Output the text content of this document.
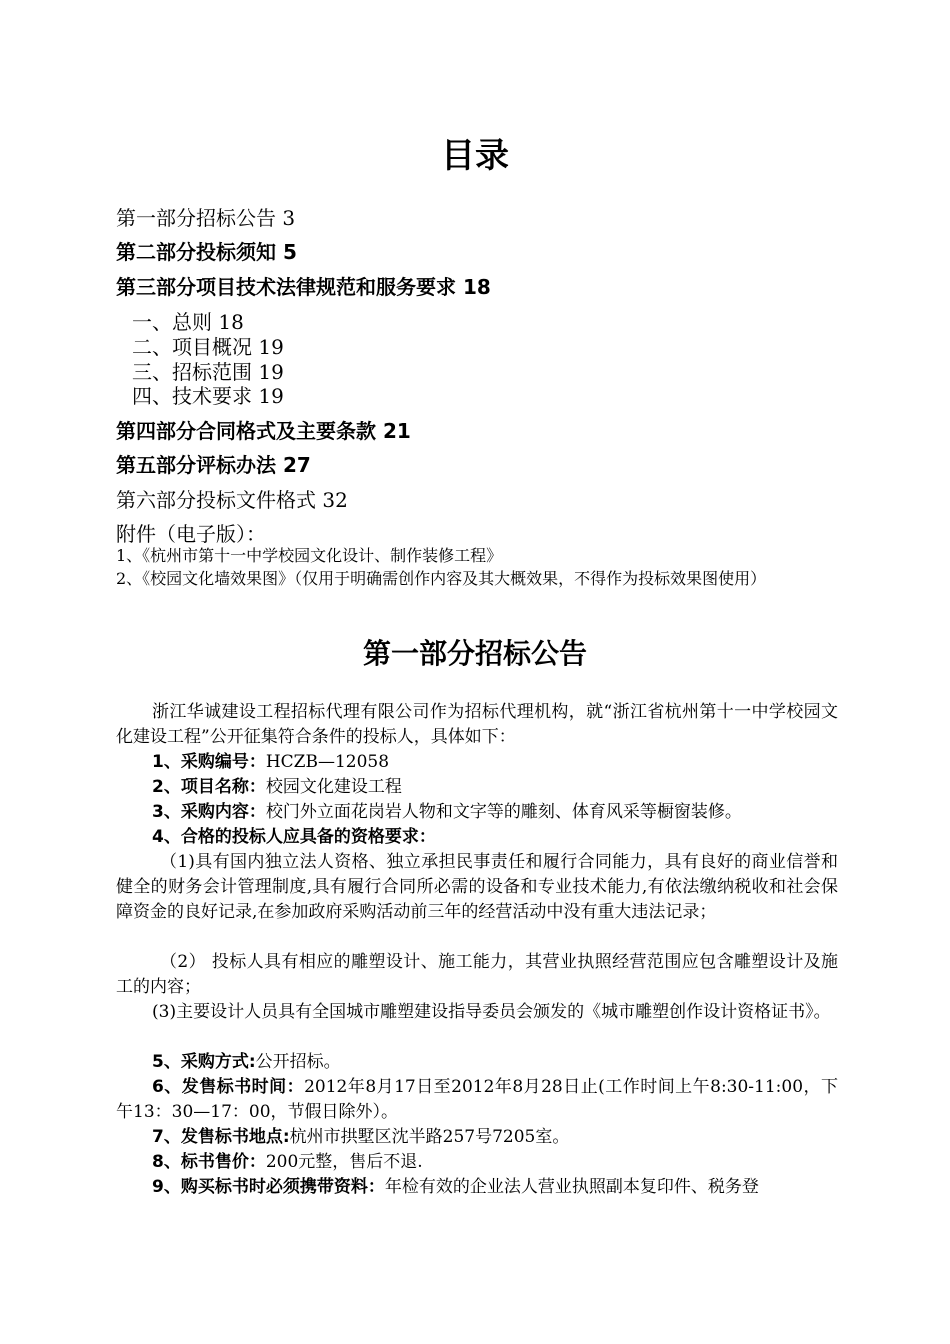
目录
第一部分招标公告 3
第二部分投标须知 5
第三部分项目技术法律规范和服务要求 18
一、总则 18
二、项目概况 19
三、招标范围 19
四、技术要求 19
第四部分合同格式及主要条款 21
第五部分评标办法 27
第六部分投标文件格式 32
附件（电子版）：
1、《杭州市第十一中学校园文化设计、制作装修工程》
2、《校园文化墙效果图》（仅用于明确需创作内容及其大概效果，不得作为投标效果图使用）
第一部分招标公告
浙江华诚建设工程招标代理有限公司作为招标代理机构，就“浙江省杭州第十一中学校园文化建设工程”公开征集符合条件的投标人，具体如下：
1、采购编号：HCZB—12058
2、项目名称：校园文化建设工程
3、采购内容：校门外立面花岗岩人物和文字等的雕刻、体育风采等橱窗装修。
4、合格的投标人应具备的资格要求：
（1)具有国内独立法人资格、独立承担民事责任和履行合同能力，具有良好的商业信誉和健全的财务会计管理制度,具有履行合同所必需的设备和专业技术能力,有依法缴纳税收和社会保障资金的良好记录,在参加政府采购活动前三年的经营活动中没有重大违法记录；
（2） 投标人具有相应的雕塑设计、施工能力，其营业执照经营范围应包含雕塑设计及施工的内容；
(3)主要设计人员具有全国城市雕塑建设指导委员会颁发的《城市雕塑创作设计资格证书》。
5、采购方式:公开招标。
6、发售标书时间：2012年8月17日至2012年8月28日止(工作时间上午8:30-11:00，下午13：30—17：00，节假日除外）。
7、发售标书地点:杭州市拱墅区沈半路257号7205室。
8、标书售价：200元整，售后不退.
9、购买标书时必须携带资料：年检有效的企业法人营业执照副本复印件、税务登
